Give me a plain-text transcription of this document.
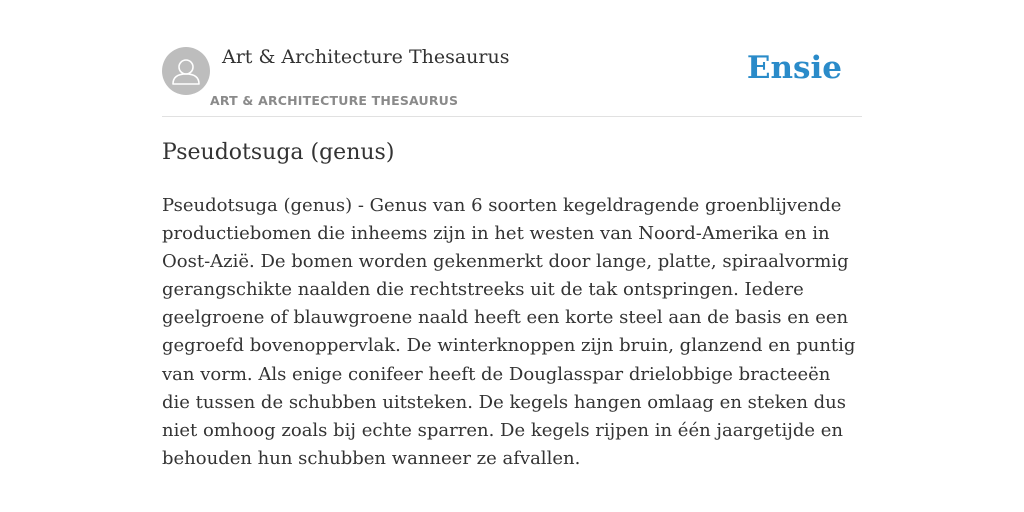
Art & Architecture Thesaurus
ART & ARCHITECTURE THESAURUS
Ensie
Pseudotsuga (genus)

Pseudotsuga (genus) - Genus van 6 soorten kegeldragende groenblijvende productiebomen die inheems zijn in het westen van Noord-Amerika en in Oost-Azië. De bomen worden gekenmerkt door lange, platte, spiraalvormig gerangschikte naalden die rechtstreeks uit de tak ontspringen. Iedere geelgroene of blauwgroene naald heeft een korte steel aan de basis en een gegroefd bovenoppervlak. De winterknoppen zijn bruin, glanzend en puntig van vorm. Als enige conifeer heeft de Douglasspar drielobbige bracteeën die tussen de schubben uitsteken. De kegels hangen omlaag en steken dus niet omhoog zoals bij echte sparren. De kegels rijpen in één jaargetijde en behouden hun schubben wanneer ze afvallen.
